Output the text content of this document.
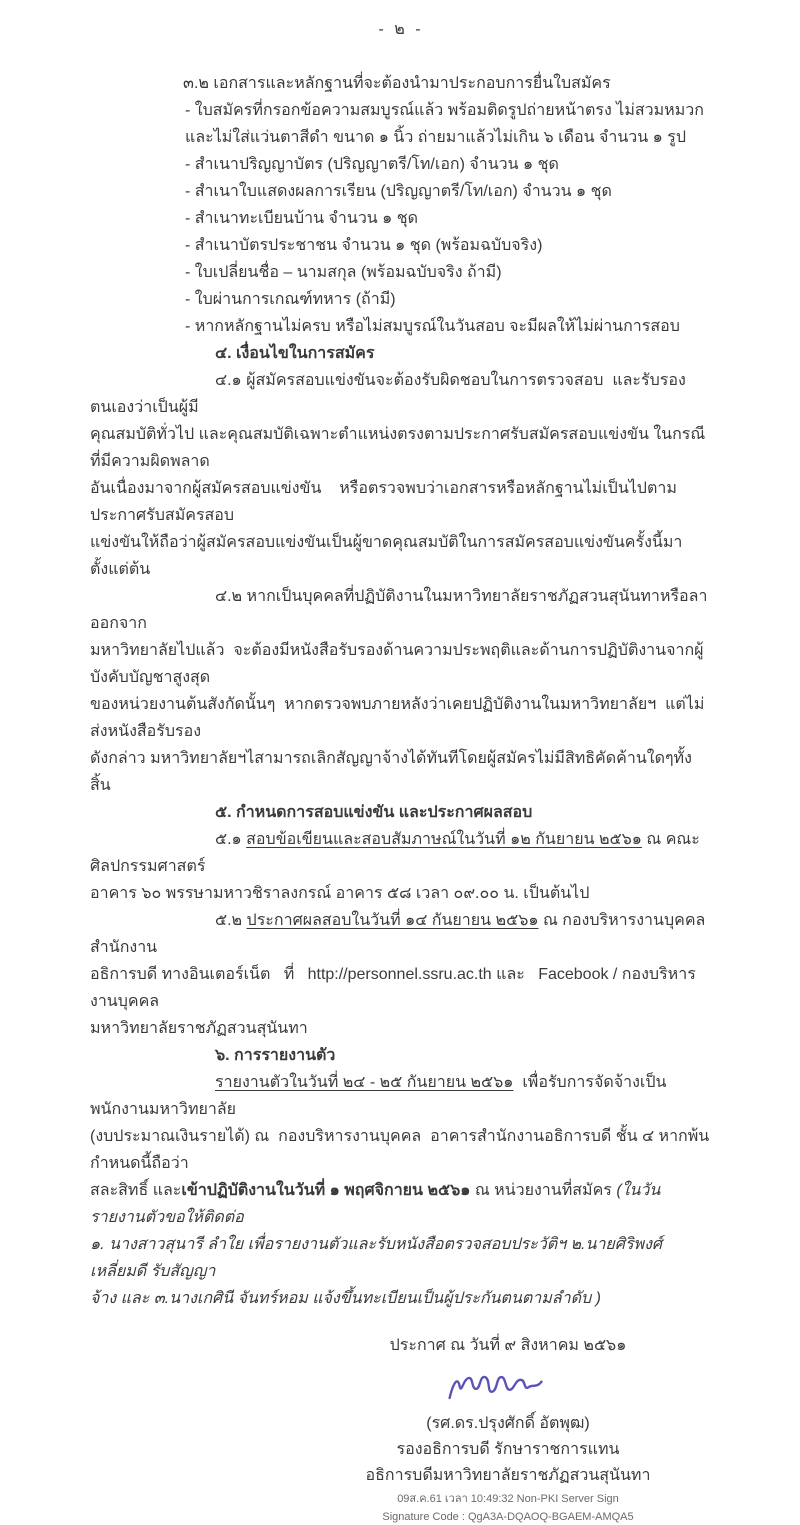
- ๒ -

๓.๒ เอกสารและหลักฐานที่จะต้องนำมาประกอบการยื่นใบสมัคร

- ใบสมัครที่กรอกข้อความสมบูรณ์แล้ว พร้อมติดรูปถ่ายหน้าตรง ไม่สวมหมวก

และไม่ใส่แว่นตาสีดำ ขนาด ๑ นิ้ว ถ่ายมาแล้วไม่เกิน ๖ เดือน จำนวน ๑ รูป

- สำเนาปริญญาบัตร (ปริญญาตรี/โท/เอก) จำนวน ๑ ชุด

- สำเนาใบแสดงผลการเรียน (ปริญญาตรี/โท/เอก) จำนวน ๑ ชุด

- สำเนาทะเบียนบ้าน จำนวน ๑ ชุด

- สำเนาบัตรประชาชน จำนวน ๑ ชุด (พร้อมฉบับจริง)

- ใบเปลี่ยนชื่อ – นามสกุล (พร้อมฉบับจริง ถ้ามี)

- ใบผ่านการเกณฑ์ทหาร (ถ้ามี)

- หากหลักฐานไม่ครบ หรือไม่สมบูรณ์ในวันสอบ จะมีผลให้ไม่ผ่านการสอบ

๔. เงื่อนไขในการสมัคร

๔.๑ ผู้สมัครสอบแข่งขันจะต้องรับผิดชอบในการตรวจสอบ  และรับรองตนเองว่าเป็นผู้มี

คุณสมบัติทั่วไป และคุณสมบัติเฉพาะตำแหน่งตรงตามประกาศรับสมัครสอบแข่งขัน ในกรณีที่มีความผิดพลาด

อันเนื่องมาจากผู้สมัครสอบแข่งขัน    หรือตรวจพบว่าเอกสารหรือหลักฐานไม่เป็นไปตามประกาศรับสมัครสอบ

แข่งขันให้ถือว่าผู้สมัครสอบแข่งขันเป็นผู้ขาดคุณสมบัติในการสมัครสอบแข่งขันครั้งนี้มาตั้งแต่ต้น

๔.๒ หากเป็นบุคคลที่ปฏิบัติงานในมหาวิทยาลัยราชภัฏสวนสุนันทาหรือลาออกจาก

มหาวิทยาลัยไปแล้ว  จะต้องมีหนังสือรับรองด้านความประพฤติและด้านการปฏิบัติงานจากผู้บังคับบัญชาสูงสุด

ของหน่วยงานต้นสังกัดนั้นๆ  หากตรวจพบภายหลังว่าเคยปฏิบัติงานในมหาวิทยาลัยฯ  แต่ไม่ส่งหนังสือรับรอง

ดังกล่าว มหาวิทยาลัยฯไสามารถเลิกสัญญาจ้างได้ทันทีโดยผู้สมัครไม่มีสิทธิคัดค้านใดๆทั้งสิ้น

๕. กำหนดการสอบแข่งขัน และประกาศผลสอบ

๕.๑ สอบข้อเขียนและสอบสัมภาษณ์ในวันที่ ๑๒ กันยายน ๒๕๖๑ ณ คณะศิลปกรรมศาสตร์

อาคาร ๖๐ พรรษามหาวชิราลงกรณ์ อาคาร ๕๘ เวลา ๐๙.๐๐ น. เป็นต้นไป

๕.๒ ประกาศผลสอบในวันที่ ๑๔ กันยายน ๒๕๖๑ ณ กองบริหารงานบุคคล สำนักงาน

อธิการบดี ทางอินเตอร์เน็ต   ที่   http://personnel.ssru.ac.th และ   Facebook / กองบริหารงานบุคคล

มหาวิทยาลัยราชภัฏสวนสุนันทา

๖. การรายงานตัว

รายงานตัวในวันที่ ๒๔ - ๒๕ กันยายน ๒๕๖๑  เพื่อรับการจัดจ้างเป็นพนักงานมหาวิทยาลัย

(งบประมาณเงินรายได้) ณ  กองบริหารงานบุคคล  อาคารสำนักงานอธิการบดี ชั้น ๔ หากพ้นกำหนดนี้ถือว่า

สละสิทธิ์ และเข้าปฏิบัติงานในวันที่ ๑ พฤศจิกายน ๒๕๖๑ ณ หน่วยงานที่สมัคร (ในวันรายงานตัวขอให้ติดต่อ

๑. นางสาวสุนารี ลำใย เพื่อรายงานตัวและรับหนังสือตรวจสอบประวัติฯ ๒.นายศิริพงศ์ เหลี่ยมดี รับสัญญา

จ้าง และ ๓.นางเกศินี จันทร์หอม แจ้งขึ้นทะเบียนเป็นผู้ประกันตนตามลำดับ )

ประกาศ ณ วันที่ ๙ สิงหาคม ๒๕๖๑

(รศ.ดร.ปรุงศักดิ์ อัตพุฒ)

รองอธิการบดี รักษาราชการแทน

อธิการบดีมหาวิทยาลัยราชภัฏสวนสุนันทา

09ส.ค.61 เวลา 10:49:32 Non-PKI Server Sign

Signature Code : QgA3A-DQAOQ-BGAEM-AMQA5
